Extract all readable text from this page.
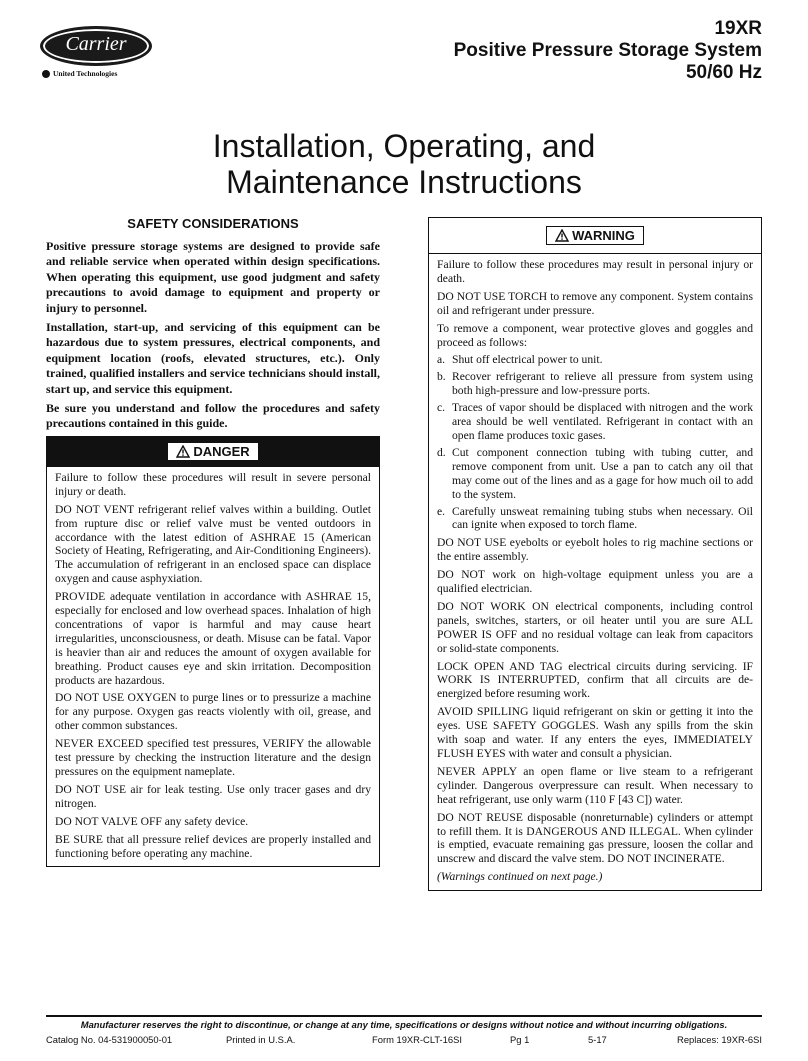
Carrier
United Technologies
19XR
Positive Pressure Storage System
50/60 Hz
Installation, Operating, and
Maintenance Instructions
SAFETY CONSIDERATIONS

Positive pressure storage systems are designed to provide safe and reliable service when operated within design specifications. When operating this equipment, use good judgment and safety precautions to avoid damage to equipment and property or injury to personnel.

Installation, start-up, and servicing of this equipment can be hazardous due to system pressures, electrical components, and equipment location (roofs, elevated structures, etc.). Only trained, qualified installers and service technicians should install, start up, and service this equipment.

Be sure you understand and follow the procedures and safety precautions contained in this guide.

DANGER

Failure to follow these procedures will result in severe personal injury or death.

DO NOT VENT refrigerant relief valves within a building. Outlet from rupture disc or relief valve must be vented outdoors in accordance with the latest edition of ASHRAE 15 (American Society of Heating, Refrigerating, and Air-Conditioning Engineers). The accumulation of refrigerant in an enclosed space can displace oxygen and cause asphyxiation.

PROVIDE adequate ventilation in accordance with ASHRAE 15, especially for enclosed and low overhead spaces. Inhalation of high concentrations of vapor is harmful and may cause heart irregularities, unconsciousness, or death. Misuse can be fatal. Vapor is heavier than air and reduces the amount of oxygen available for breathing. Product causes eye and skin irritation. Decomposition products are hazardous.

DO NOT USE OXYGEN to purge lines or to pressurize a machine for any purpose. Oxygen gas reacts violently with oil, grease, and other common substances.

NEVER EXCEED specified test pressures, VERIFY the allowable test pressure by checking the instruction literature and the design pressures on the equipment nameplate.

DO NOT USE air for leak testing. Use only tracer gases and dry nitrogen.

DO NOT VALVE OFF any safety device.

BE SURE that all pressure relief devices are properly installed and functioning before operating any machine.

WARNING

Failure to follow these procedures may result in personal injury or death.

DO NOT USE TORCH to remove any component. System contains oil and refrigerant under pressure.

To remove a component, wear protective gloves and goggles and proceed as follows:

a. Shut off electrical power to unit.
b. Recover refrigerant to relieve all pressure from system using both high-pressure and low-pressure ports.
c. Traces of vapor should be displaced with nitrogen and the work area should be well ventilated. Refrigerant in contact with an open flame produces toxic gases.
d. Cut component connection tubing with tubing cutter, and remove component from unit. Use a pan to catch any oil that may come out of the lines and as a gage for how much oil to add to the system.
e. Carefully unsweat remaining tubing stubs when necessary. Oil can ignite when exposed to torch flame.

DO NOT USE eyebolts or eyebolt holes to rig machine sections or the entire assembly.

DO NOT work on high-voltage equipment unless you are a qualified electrician.

DO NOT WORK ON electrical components, including control panels, switches, starters, or oil heater until you are sure ALL POWER IS OFF and no residual voltage can leak from capacitors or solid-state components.

LOCK OPEN AND TAG electrical circuits during servicing. IF WORK IS INTERRUPTED, confirm that all circuits are de-energized before resuming work.

AVOID SPILLING liquid refrigerant on skin or getting it into the eyes. USE SAFETY GOGGLES. Wash any spills from the skin with soap and water. If any enters the eyes, IMMEDIATELY FLUSH EYES with water and consult a physician.

NEVER APPLY an open flame or live steam to a refrigerant cylinder. Dangerous overpressure can result. When necessary to heat refrigerant, use only warm (110 F [43 C]) water.

DO NOT REUSE disposable (nonreturnable) cylinders or attempt to refill them. It is DANGEROUS AND ILLEGAL. When cylinder is emptied, evacuate remaining gas pressure, loosen the collar and unscrew and discard the valve stem. DO NOT INCINERATE.

(Warnings continued on next page.)

Manufacturer reserves the right to discontinue, or change at any time, specifications or designs without notice and without incurring obligations.
Catalog No. 04-531900050-01	Printed in U.S.A.	Form 19XR-CLT-16SI	Pg 1	5-17	Replaces: 19XR-6SI
